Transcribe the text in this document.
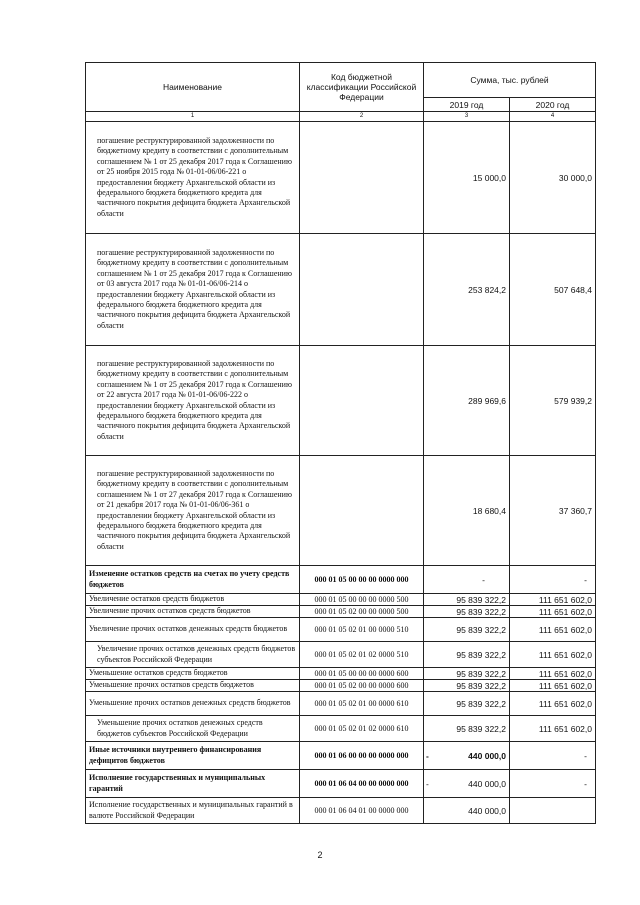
Наименование	Код бюджетной классификации Российской Федерации	Сумма, тыс. рублей	
		2019 год	2020 год
1	2	3	4
погашение реструктурированной задолженности по бюджетному кредиту в соответствии с дополнительным соглашением № 1 от 25 декабря 2017 года к Соглашению от 25 ноября 2015 года № 01-01-06/06-221 о предоставлении бюджету Архангельской области из федерального бюджета бюджетного кредита для частичного покрытия дефицита бюджета Архангельской области		15 000,0	30 000,0
погашение реструктурированной задолженности по бюджетному кредиту в соответствии с дополнительным соглашением № 1 от 25 декабря 2017 года к Соглашению от 03 августа 2017 года № 01-01-06/06-214 о предоставлении бюджету Архангельской области из федерального бюджета бюджетного кредита для частичного покрытия дефицита бюджета Архангельской области		253 824,2	507 648,4
погашение реструктурированной задолженности по бюджетному кредиту в соответствии с дополнительным соглашением № 1 от 25 декабря 2017 года к Соглашению от 22 августа 2017 года № 01-01-06/06-222 о предоставлении бюджету Архангельской области из федерального бюджета бюджетного кредита для частичного покрытия дефицита бюджета Архангельской области		289 969,6	579 939,2
погашение реструктурированной задолженности по бюджетному кредиту в соответствии с дополнительным соглашением № 1 от 27 декабря 2017 года к Соглашению от 21 декабря 2017 года № 01-01-06/06-361 о предоставлении бюджету Архангельской области из федерального бюджета бюджетного кредита для частичного покрытия дефицита бюджета Архангельской области		18 680,4	37 360,7
Изменение остатков средств на счетах по учету средств бюджетов	000 01 05 00 00 00 0000 000	-	-
Увеличение остатков средств бюджетов	000 01 05 00 00 00 0000 500	95 839 322,2	111 651 602,0
Увеличение прочих остатков средств бюджетов	000 01 05 02 00 00 0000 500	95 839 322,2	111 651 602,0
Увеличение прочих остатков денежных средств бюджетов	000 01 05 02 01 00 0000 510	95 839 322,2	111 651 602,0
Увеличение прочих остатков денежных средств бюджетов субъектов Российской Федерации	000 01 05 02 01 02 0000 510	95 839 322,2	111 651 602,0
Уменьшение остатков средств бюджетов	000 01 05 00 00 00 0000 600	95 839 322,2	111 651 602,0
Уменьшение прочих остатков средств бюджетов	000 01 05 02 00 00 0000 600	95 839 322,2	111 651 602,0
Уменьшение прочих остатков денежных средств бюджетов	000 01 05 02 01 00 0000 610	95 839 322,2	111 651 602,0
Уменьшение прочих остатков денежных средств бюджетов субъектов Российской Федерации	000 01 05 02 01 02 0000 610	95 839 322,2	111 651 602,0
Иные источники внутреннего финансирования дефицитов бюджетов	000 01 06 00 00 00 0000 000	- 440 000,0	-
Исполнение государственных и муниципальных гарантий	000 01 06 04 00 00 0000 000	- 440 000,0	-
Исполнение государственных и муниципальных гарантий в валюте Российской Федерации	000 01 06 04 01 00 0000 000	440 000,0	
2
